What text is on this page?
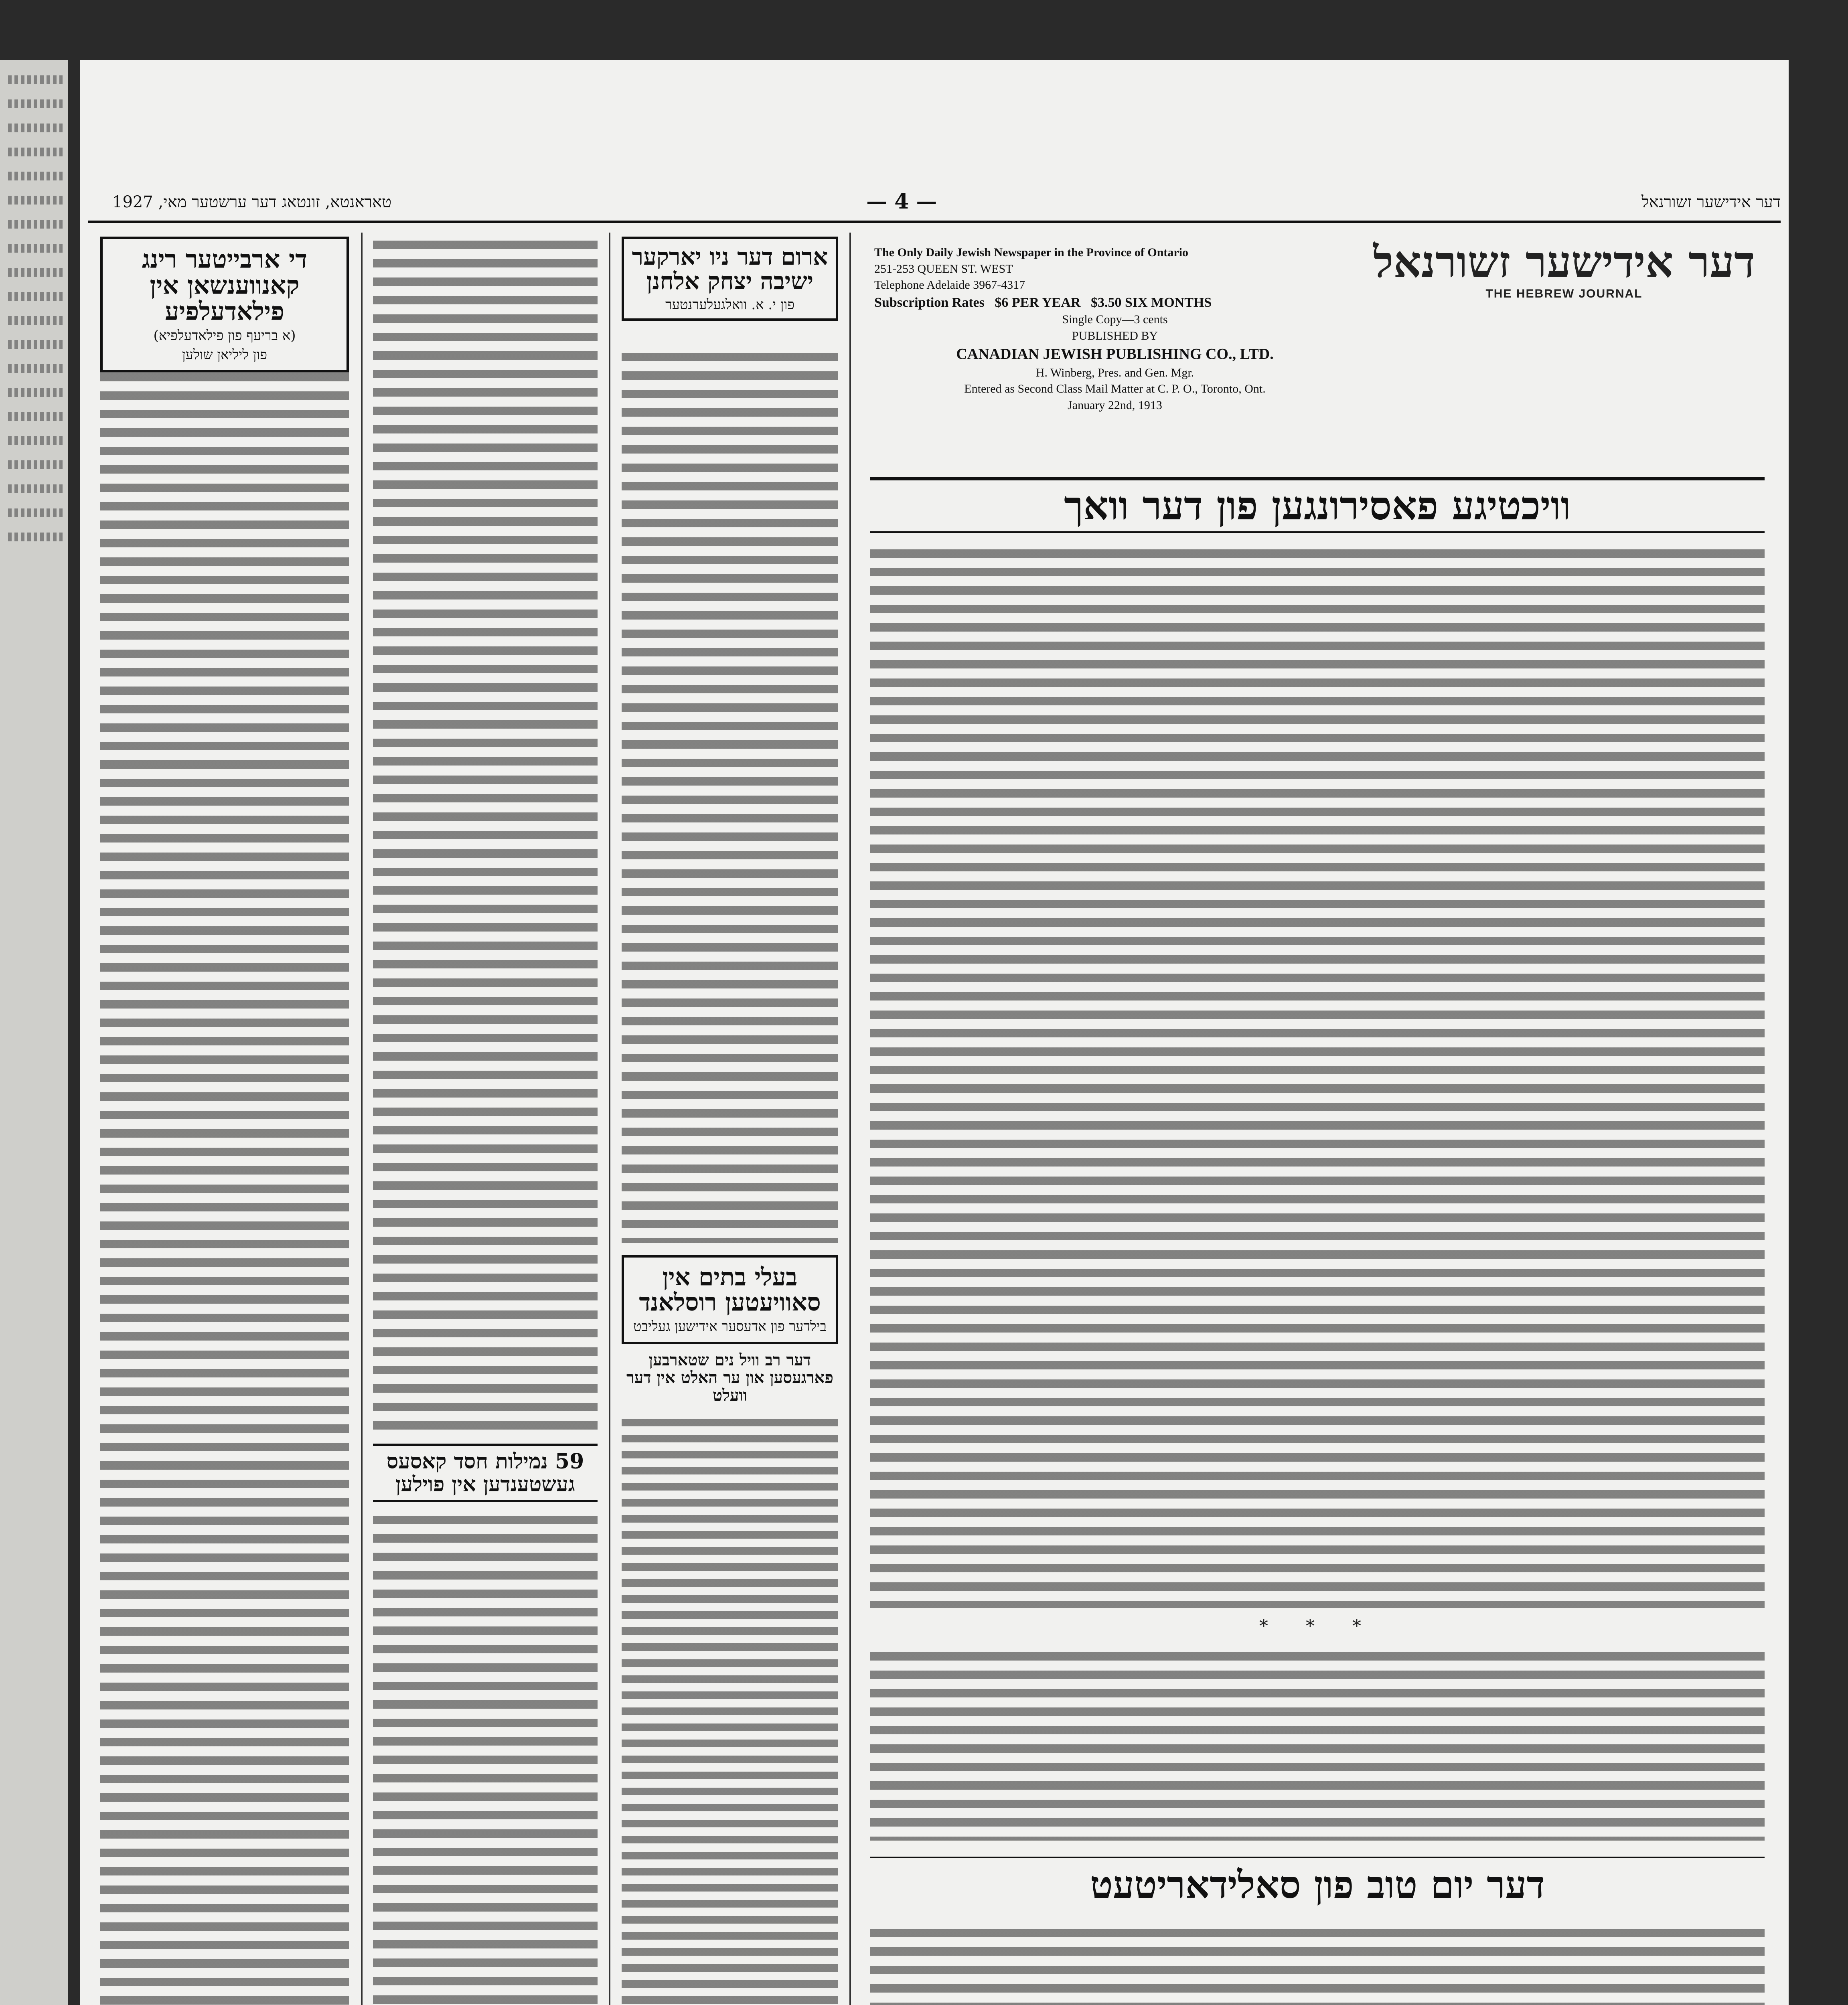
דער אידישער זשורנאל
— 4 —
טאראנטא, זונטאג דער ערשטער מאי, 1927
דער אידישער זשורנאל
THE HEBREW JOURNAL
The Only Daily Jewish Newspaper in the Province of Ontario
251-253 QUEEN ST. WEST
Telephone Adelaide 3967-4317
Subscription Rates $6 PER YEAR $3.50 SIX MONTHS
Single Copy—3 cents
PUBLISHED BY
CANADIAN JEWISH PUBLISHING CO., LTD.
H. Winberg, Pres. and Gen. Mgr.
Entered as Second Class Mail Matter at C. P. O., Toronto, Ont.
January 22nd, 1913
וויכטיגע פאסירונגען פון דער וואך
* * *
דער יום טוב פון סאלידאריטעט
ארום דער ניו יארקער ישיבה יצחק אלחנן
פון י. א. וואלגעלערנטער
בעלי בתים אין סאוויעטען רוסלאנד
בילדער פון אדעסער אידישען געליבט
דער רב וויל נים שטארבען פארגעסען און ער האלט אין דער וועלט
59 נמילות חסד קאסעס געשטענדען אין פוילען
די ארבייטער רינג קאנווענשאן אין פילאדעלפיע
(א בריעף פון פילאדעלפיא)
פון ליליאן שולען
